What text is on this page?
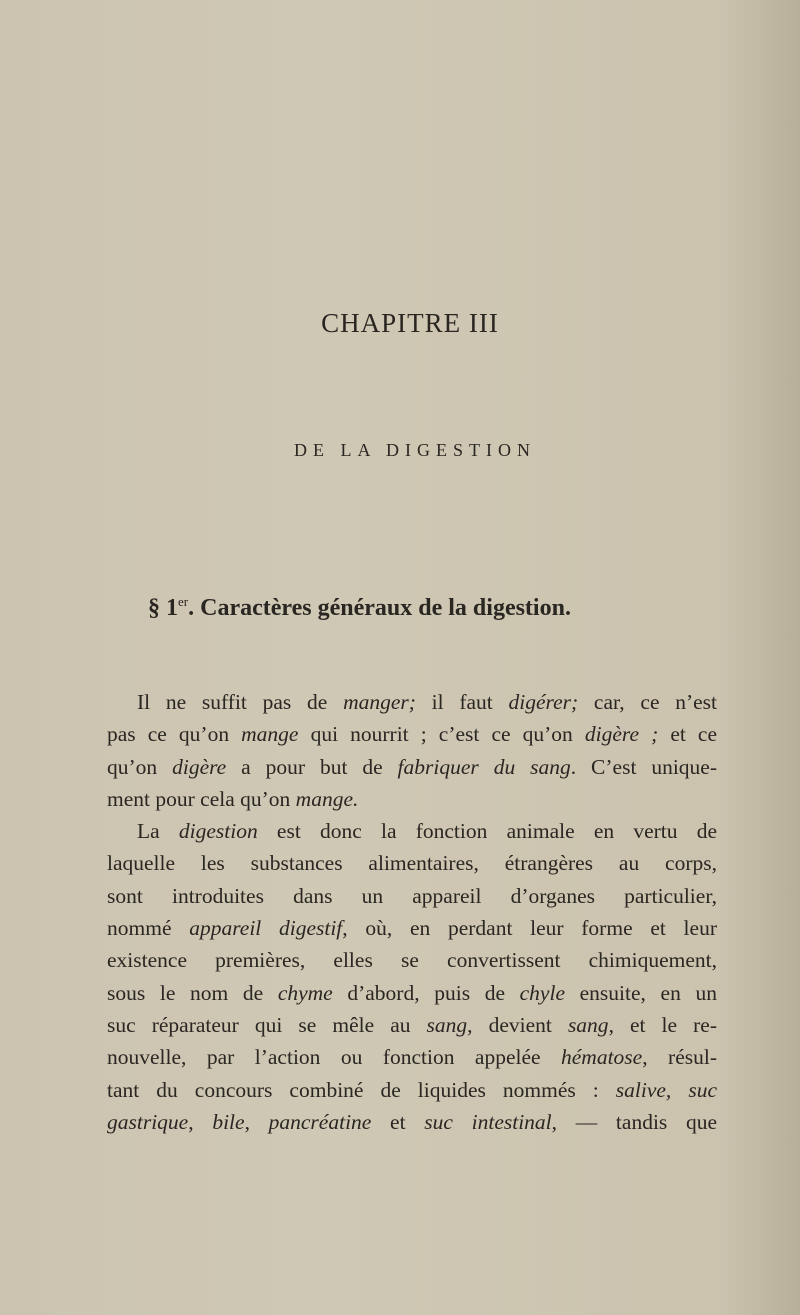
CHAPITRE III
DE LA DIGESTION
§ 1er. Caractères généraux de la digestion.
Il ne suffit pas de manger; il faut digérer; car, ce n’est
pas ce qu’on mange qui nourrit ; c’est ce qu’on digère ; et ce
qu’on digère a pour but de fabriquer du sang. C’est unique-
ment pour cela qu’on mange.
La digestion est donc la fonction animale en vertu de
laquelle les substances alimentaires, étrangères au corps,
sont introduites dans un appareil d’organes particulier,
nommé appareil digestif, où, en perdant leur forme et leur
existence premières, elles se convertissent chimiquement,
sous le nom de chyme d’abord, puis de chyle ensuite, en un
suc réparateur qui se mêle au sang, devient sang, et le re-
nouvelle, par l’action ou fonction appelée hématose, résul-
tant du concours combiné de liquides nommés : salive, suc
gastrique, bile, pancréatine et suc intestinal, — tandis que
